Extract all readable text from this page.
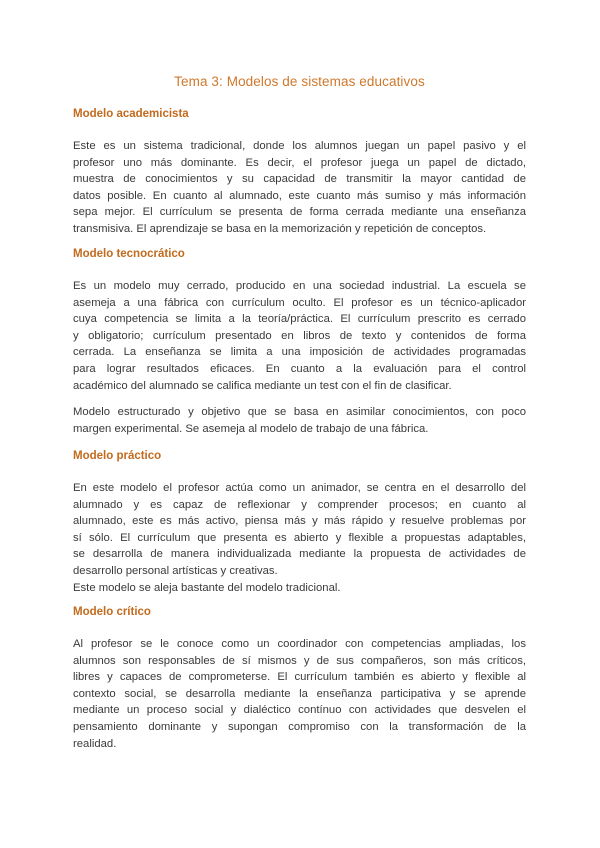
Tema 3: Modelos de sistemas educativos
Modelo academicista
Este es un sistema tradicional, donde los alumnos juegan un papel pasivo y el
profesor uno más dominante. Es decir, el profesor juega un papel de dictado,
muestra de conocimientos y su capacidad de transmitir la mayor cantidad de
datos posible. En cuanto al alumnado, este cuanto más sumiso y más información
sepa mejor. El currículum se presenta de forma cerrada mediante una enseñanza
transmisiva. El aprendizaje se basa en la memorización y repetición de conceptos.
Modelo tecnocrático
Es un modelo muy cerrado, producido en una sociedad industrial. La escuela se
asemeja a una fábrica con currículum oculto. El profesor es un técnico-aplicador
cuya competencia se limita a la teoría/práctica. El currículum prescrito es cerrado
y obligatorio; currículum presentado en libros de texto y contenidos de forma
cerrada. La enseñanza se limita a una imposición de actividades programadas
para lograr resultados eficaces. En cuanto a la evaluación para el control
académico del alumnado se califica mediante un test con el fin de clasificar.
Modelo estructurado y objetivo que se basa en asimilar conocimientos, con poco
margen experimental. Se asemeja al modelo de trabajo de una fábrica.
Modelo práctico
En este modelo el profesor actúa como un animador, se centra en el desarrollo del
alumnado y es capaz de reflexionar y comprender procesos; en cuanto al
alumnado, este es más activo, piensa más y más rápido y resuelve problemas por
sí sólo. El currículum que presenta es abierto y flexible a propuestas adaptables,
se desarrolla de manera individualizada mediante la propuesta de actividades de
desarrollo personal artísticas y creativas.
Este modelo se aleja bastante del modelo tradicional.
Modelo crítico
Al profesor se le conoce como un coordinador con competencias ampliadas, los
alumnos son responsables de sí mismos y de sus compañeros, son más críticos,
libres y capaces de comprometerse. El currículum también es abierto y flexible al
contexto social, se desarrolla mediante la enseñanza participativa y se aprende
mediante un proceso social y dialéctico contínuo con actividades que desvelen el
pensamiento dominante y supongan compromiso con la transformación de la
realidad.
